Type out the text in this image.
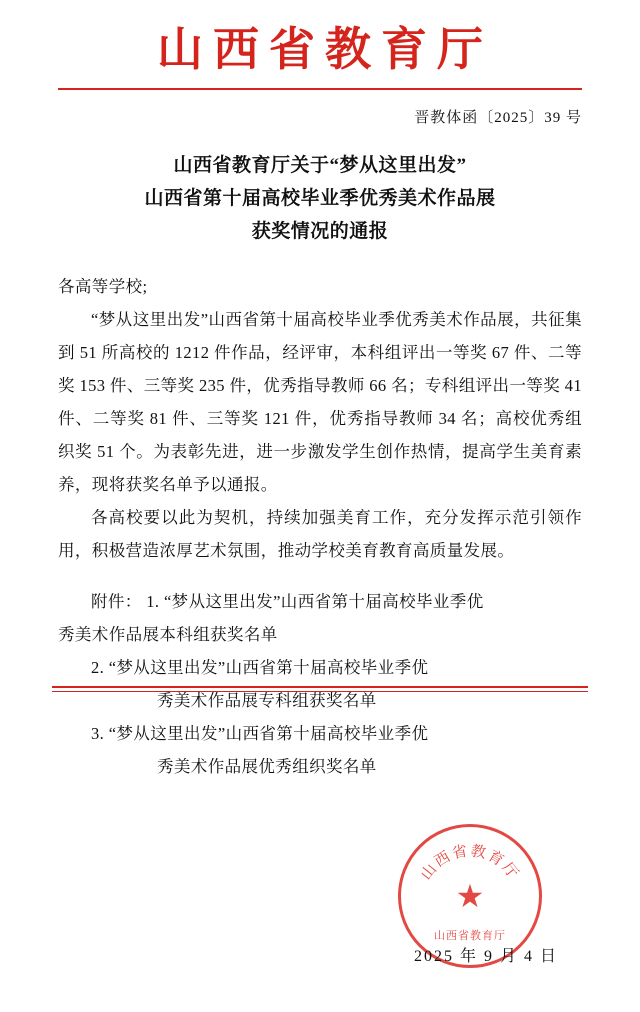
山西省教育厅
晋教体函〔2025〕39 号
山西省教育厅关于“梦从这里出发”
山西省第十届高校毕业季优秀美术作品展
获奖情况的通报
各高等学校;

“梦从这里出发”山西省第十届高校毕业季优秀美术作品展，共征集到 51 所高校的 1212 件作品，经评审，本科组评出一等奖 67 件、二等奖 153 件、三等奖 235 件，优秀指导教师 66 名；专科组评出一等奖 41 件、二等奖 81 件、三等奖 121 件，优秀指导教师 34 名；高校优秀组织奖 51 个。为表彰先进，进一步激发学生创作热情，提高学生美育素养，现将获奖名单予以通报。

各高校要以此为契机，持续加强美育工作，充分发挥示范引领作用，积极营造浓厚艺术氛围，推动学校美育教育高质量发展。

附件： 1. “梦从这里出发”山西省第十届高校毕业季优
秀美术作品展本科组获奖名单
2. “梦从这里出发”山西省第十届高校毕业季优
秀美术作品展专科组获奖名单
3. “梦从这里出发”山西省第十届高校毕业季优
秀美术作品展优秀组织奖名单
山西省教育厅
★
山西省教育厅
2025 年 9 月 4 日
